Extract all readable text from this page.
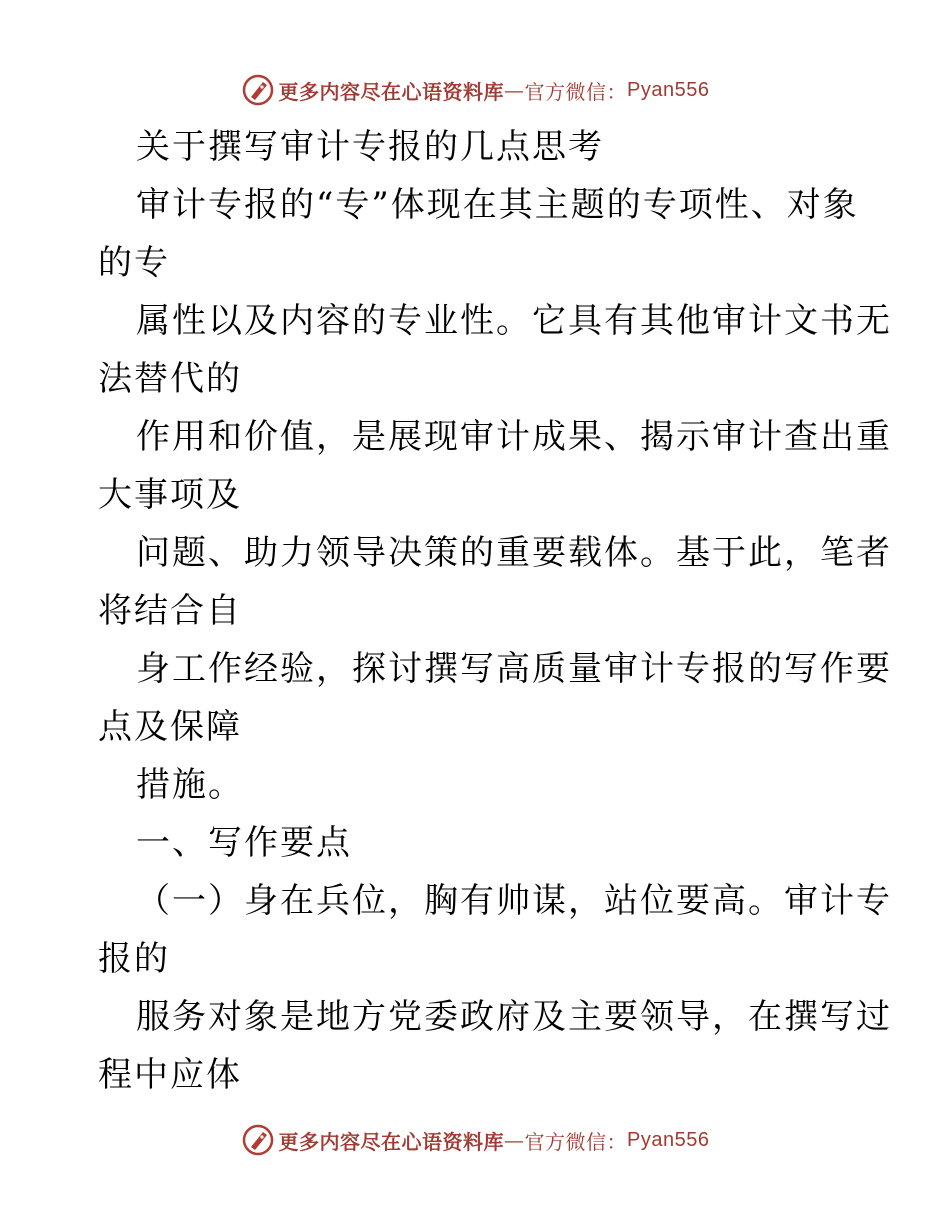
更多内容尽在心语资料库 — 官方微信： Pyan556
关于撰写审计专报的几点思考
审计专报的“专”体现在其主题的专项性、对象
的专
属性以及内容的专业性。它具有其他审计文书无
法替代的
作用和价值，是展现审计成果、揭示审计查出重
大事项及
问题、助力领导决策的重要载体。基于此，笔者
将结合自
身工作经验，探讨撰写高质量审计专报的写作要
点及保障
措施。
一、写作要点
（一）身在兵位，胸有帅谋，站位要高。审计专
报的
服务对象是地方党委政府及主要领导，在撰写过
程中应体
更多内容尽在心语资料库 — 官方微信： Pyan556
